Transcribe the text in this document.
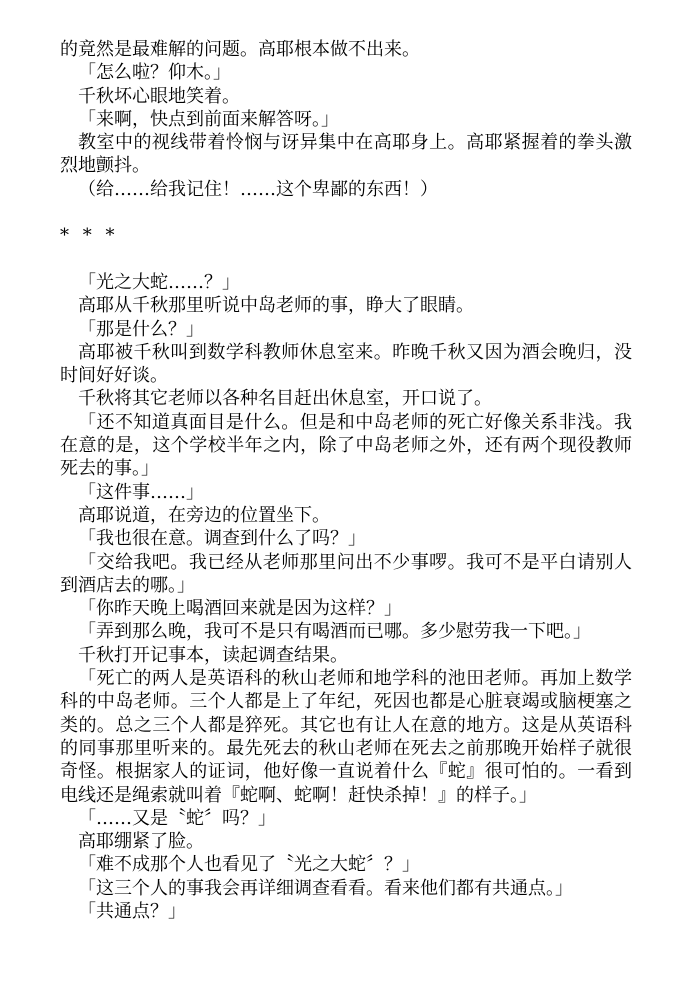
的竟然是最难解的问题。高耶根本做不出来。

「怎么啦？仰木。」

千秋坏心眼地笑着。

「来啊，快点到前面来解答呀。」

教室中的视线带着怜悯与讶异集中在高耶身上。高耶紧握着的拳头激烈地颤抖。

（给……给我记住！……这个卑鄙的东西！）

* * *

「光之大蛇……？」

高耶从千秋那里听说中岛老师的事，睁大了眼睛。

「那是什么？」

高耶被千秋叫到数学科教师休息室来。昨晚千秋又因为酒会晚归，没时间好好谈。

千秋将其它老师以各种名目赶出休息室，开口说了。

「还不知道真面目是什么。但是和中岛老师的死亡好像关系非浅。我在意的是，这个学校半年之内，除了中岛老师之外，还有两个现役教师死去的事。」

「这件事……」

高耶说道，在旁边的位置坐下。

「我也很在意。调查到什么了吗？」

「交给我吧。我已经从老师那里问出不少事啰。我可不是平白请别人到酒店去的哪。」

「你昨天晚上喝酒回来就是因为这样？」

「弄到那么晚，我可不是只有喝酒而已哪。多少慰劳我一下吧。」

千秋打开记事本，读起调查结果。

「死亡的两人是英语科的秋山老师和地学科的池田老师。再加上数学科的中岛老师。三个人都是上了年纪，死因也都是心脏衰竭或脑梗塞之类的。总之三个人都是猝死。其它也有让人在意的地方。这是从英语科的同事那里听来的。最先死去的秋山老师在死去之前那晚开始样子就很奇怪。根据家人的证词，他好像一直说着什么『蛇』很可怕的。一看到电线还是绳索就叫着『蛇啊、蛇啊！赶快杀掉！』的样子。」

「……又是〝蛇〞吗？」

高耶绷紧了脸。

「难不成那个人也看见了〝光之大蛇〞？」

「这三个人的事我会再详细调查看看。看来他们都有共通点。」

「共通点？」
